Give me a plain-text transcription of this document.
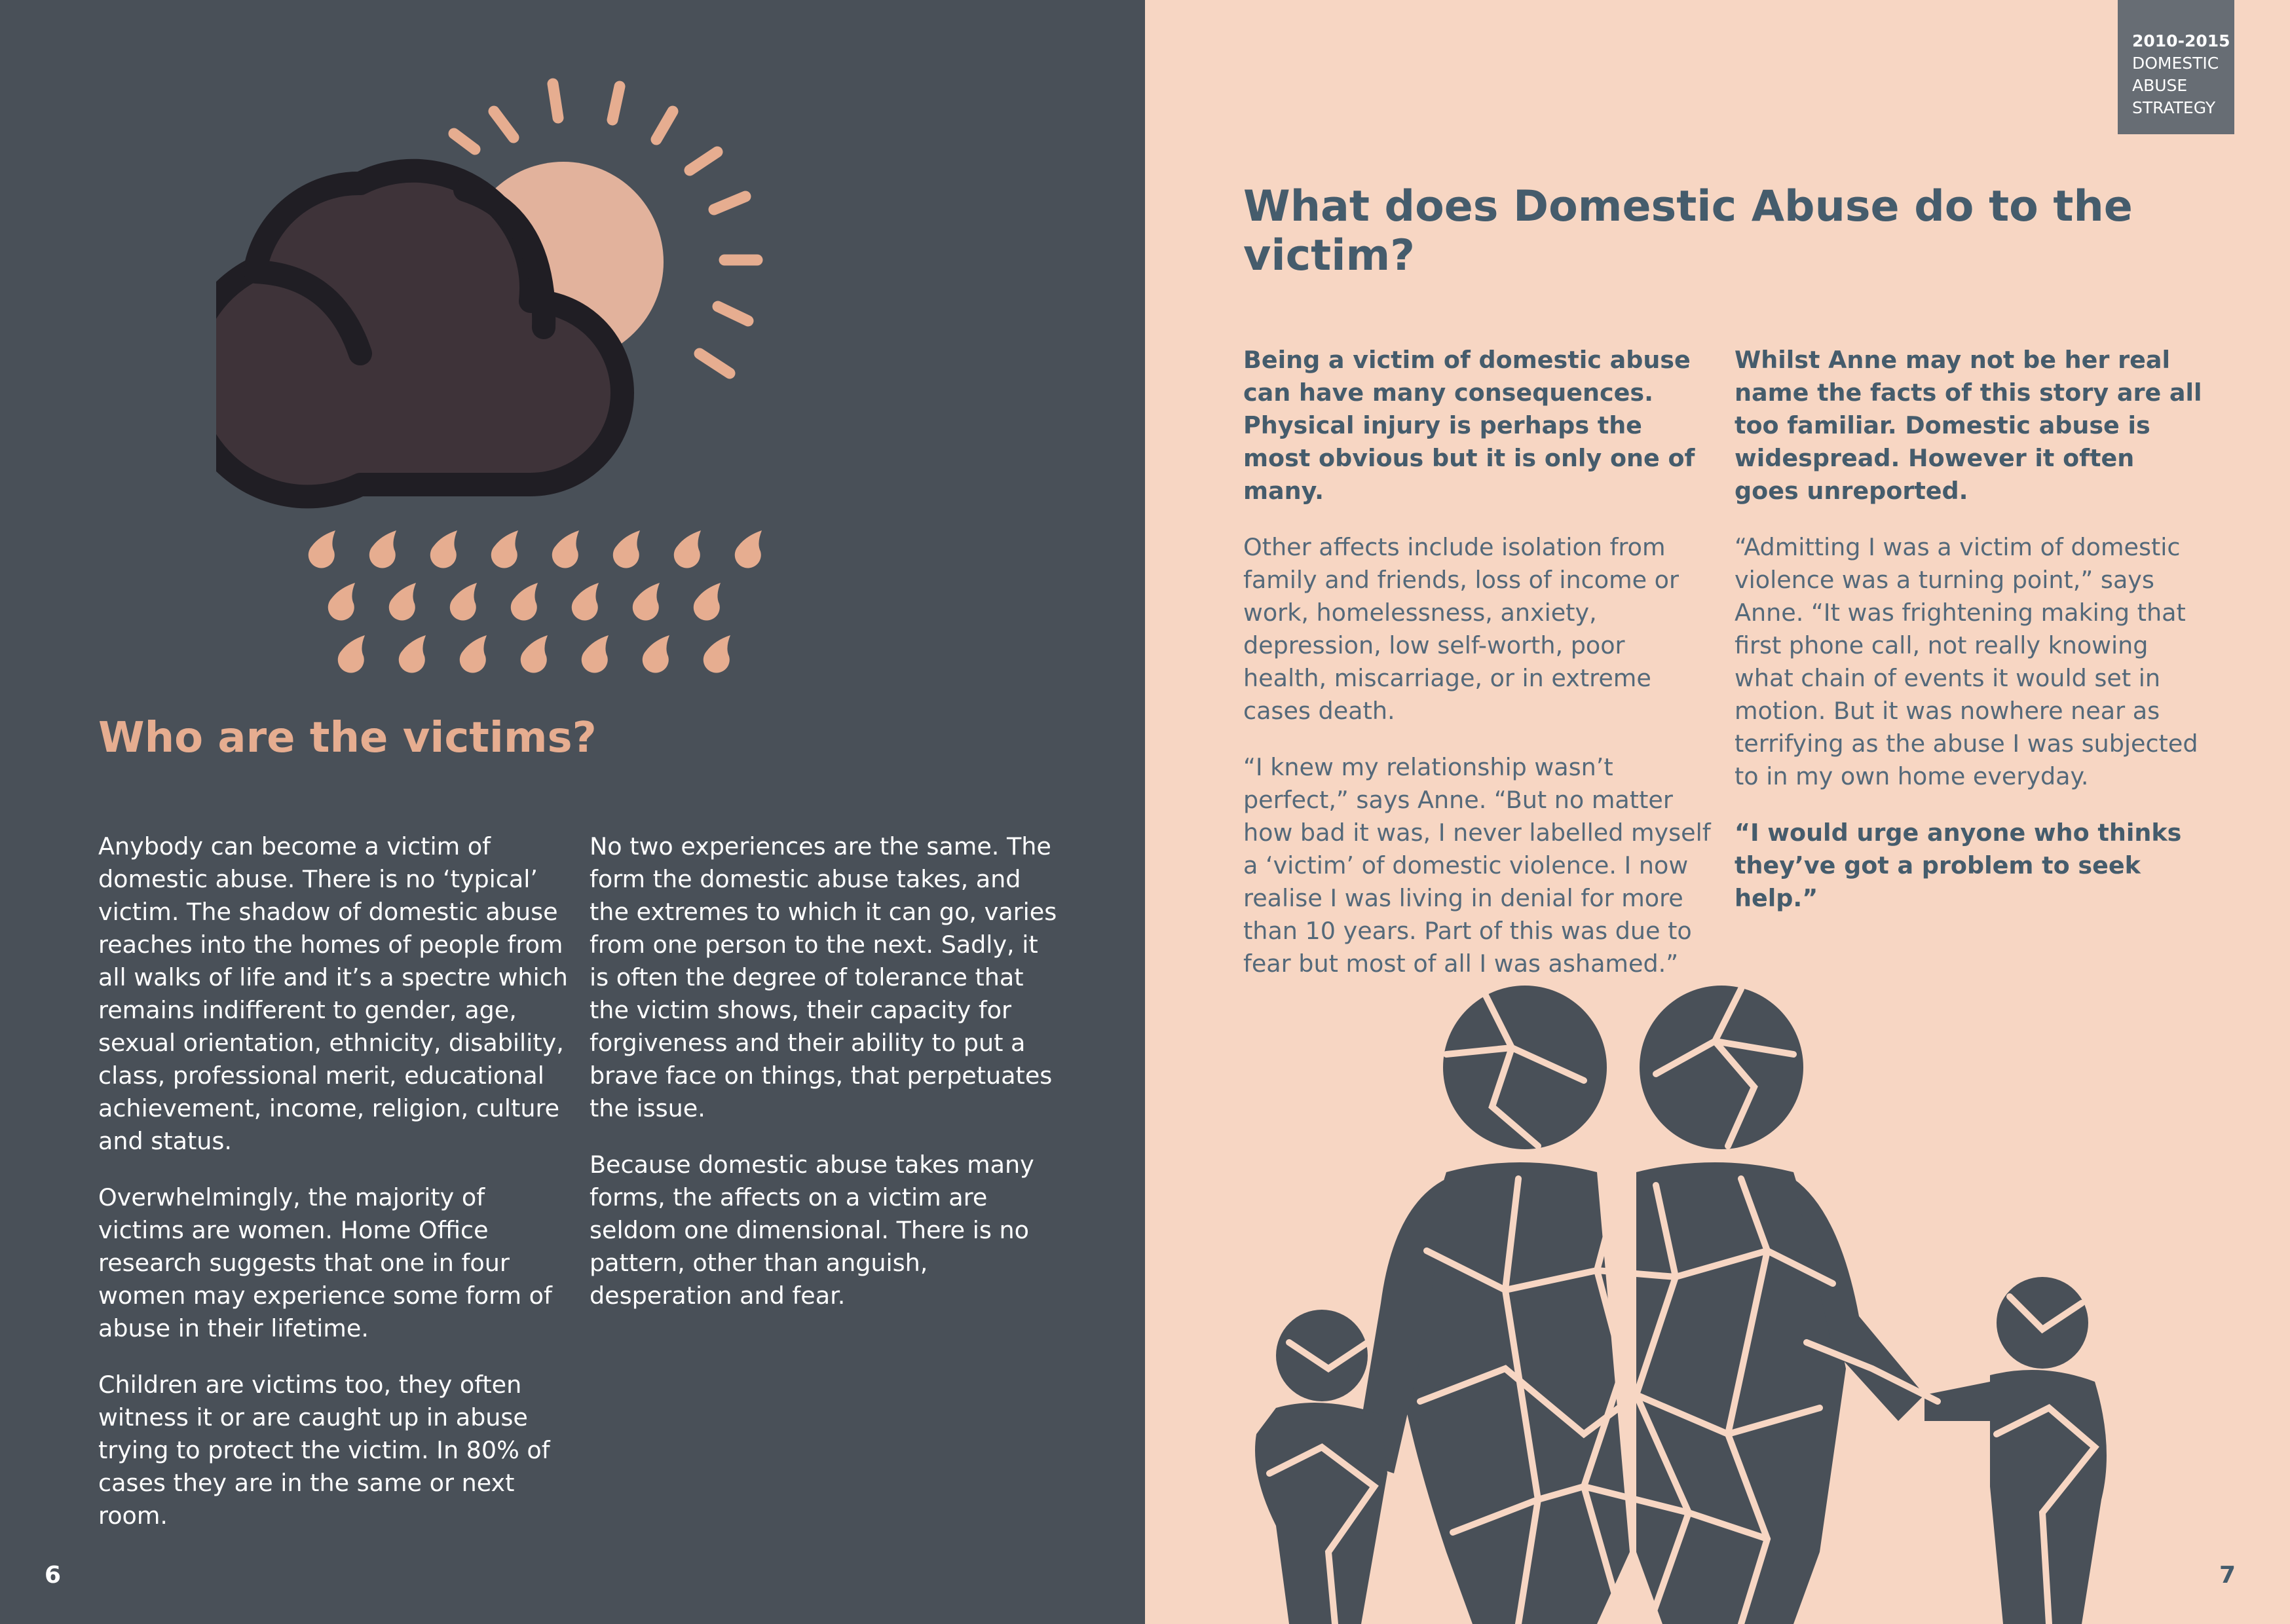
Who are the victims?

Anybody can become a victim of domestic abuse. There is no ‘typical’ victim. The shadow of domestic abuse reaches into the homes of people from all walks of life and it’s a spectre which remains indifferent to gender, age, sexual orientation, ethnicity, disability, class, professional merit, educational achievement, income, religion, culture and status.

Overwhelmingly, the majority of victims are women. Home Office research suggests that one in four women may experience some form of abuse in their lifetime.

Children are victims too, they often witness it or are caught up in abuse trying to protect the victim. In 80% of cases they are in the same or next room.

No two experiences are the same. The form the domestic abuse takes, and the extremes to which it can go, varies from one person to the next. Sadly, it is often the degree of tolerance that the victim shows, their capacity for forgiveness and their ability to put a brave face on things, that perpetuates the issue.

Because domestic abuse takes many forms, the affects on a victim are seldom one dimensional. There is no pattern, other than anguish, desperation and fear.

6
2010-2015
DOMESTIC
ABUSE
STRATEGY
What does Domestic Abuse do to the victim?

Being a victim of domestic abuse can have many consequences. Physical injury is perhaps the most obvious but it is only one of many.

Other affects include isolation from family and friends, loss of income or work, homelessness, anxiety, depression, low self-worth, poor health, miscarriage, or in extreme cases death.

“I knew my relationship wasn’t perfect,” says Anne. “But no matter how bad it was, I never labelled myself a ‘victim’ of domestic violence. I now realise I was living in denial for more than 10 years. Part of this was due to fear but most of all I was ashamed.”

Whilst Anne may not be her real name the facts of this story are all too familiar. Domestic abuse is widespread. However it often goes unreported.

“Admitting I was a victim of domestic violence was a turning point,” says Anne. “It was frightening making that first phone call, not really knowing what chain of events it would set in motion. But it was nowhere near as terrifying as the abuse I was subjected to in my own home everyday.

“I would urge anyone who thinks they’ve got a problem to seek help.”

7
